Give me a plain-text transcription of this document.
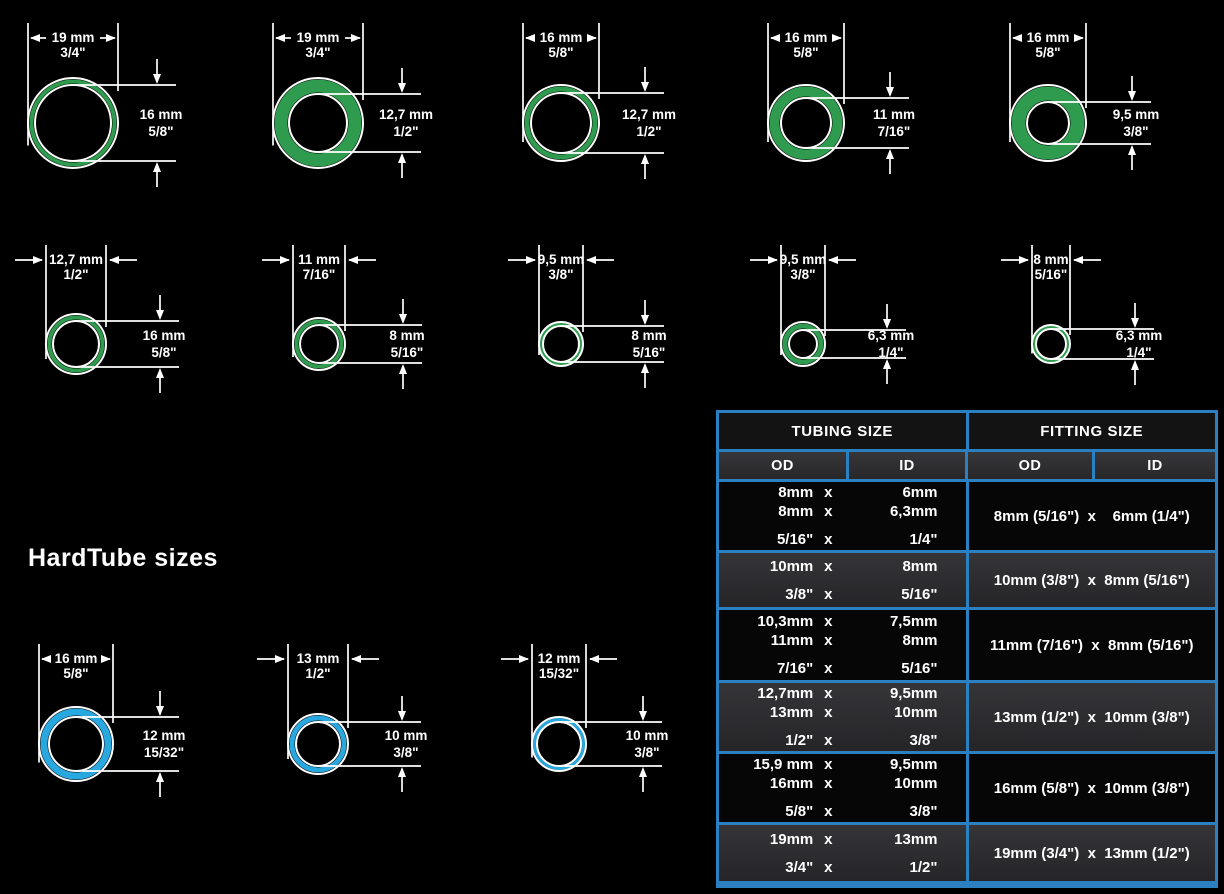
19 mm
3/4"
16 mm
5/8"
19 mm
3/4"
12,7 mm
1/2"
16 mm
5/8"
12,7 mm
1/2"
16 mm
5/8"
11 mm
7/16"
16 mm
5/8"
9,5 mm
3/8"
12,7 mm
1/2"
16 mm
5/8"
11 mm
7/16"
8 mm
5/16"
9,5 mm
3/8"
8 mm
5/16"
9,5 mm
3/8"
6,3 mm
1/4"
8 mm
5/16"
6,3 mm
1/4"
16 mm
5/8"
12 mm
15/32"
13 mm
1/2"
10 mm
3/8"
12 mm
15/32"
10 mm
3/8"
HardTube sizes
TUBING SIZE	FITTING SIZE
OD	ID	OD	ID
8mm x	6mm
8mm x	6,3mm
5/16" x	1/4"
8mm (5/16")  x    6mm (1/4")
10mm x	8mm
3/8" x	5/16"
10mm (3/8")  x  8mm (5/16")
10,3mm x	7,5mm
11mm x	8mm
7/16" x	5/16"
11mm (7/16")  x  8mm (5/16")
12,7mm x	9,5mm
13mm x	10mm
1/2" x	3/8"
13mm (1/2")  x  10mm (3/8")
15,9 mm x	9,5mm
16mm x	10mm
5/8" x	3/8"
16mm (5/8")  x  10mm (3/8")
19mm x	13mm
3/4" x	1/2"
19mm (3/4")  x  13mm (1/2")
